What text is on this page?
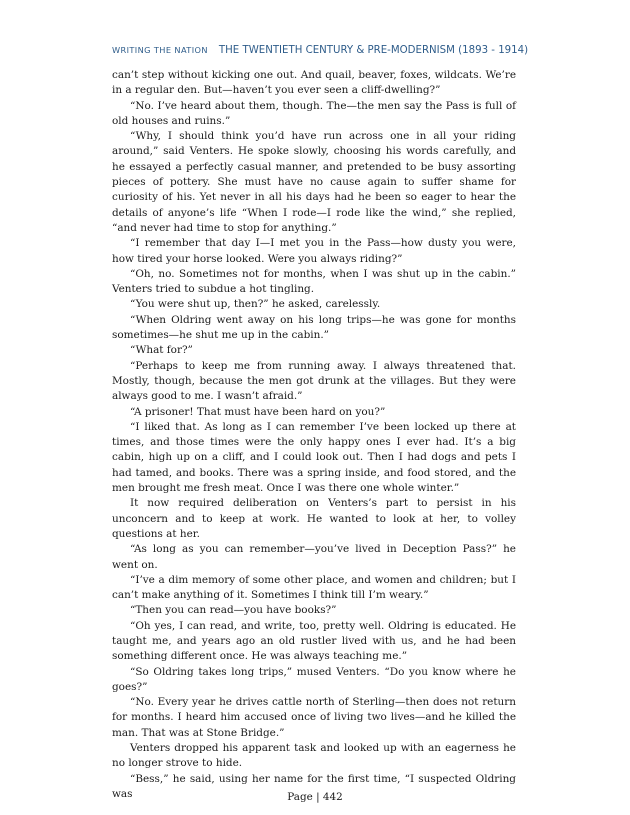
WRITING THE NATION THE TWENTIETH CENTURY & PRE-MODERNISM (1893 - 1914)

can’t step without kicking one out. And quail, beaver, foxes, wildcats. We’re in a regular den. But—haven’t you ever seen a cliff-dwelling?”

“No. I’ve heard about them, though. The—the men say the Pass is full of old houses and ruins.”

“Why, I should think you’d have run across one in all your riding around,” said Venters. He spoke slowly, choosing his words carefully, and he essayed a perfectly casual manner, and pretended to be busy assorting pieces of pottery. She must have no cause again to suffer shame for curiosity of his. Yet never in all his days had he been so eager to hear the details of anyone’s life “When I rode—I rode like the wind,” she replied, “and never had time to stop for anything.”

“I remember that day I—I met you in the Pass—how dusty you were, how tired your horse looked. Were you always riding?”

“Oh, no. Sometimes not for months, when I was shut up in the cabin.” Venters tried to subdue a hot tingling.

“You were shut up, then?” he asked, carelessly.

“When Oldring went away on his long trips—he was gone for months sometimes—he shut me up in the cabin.”

“What for?”

“Perhaps to keep me from running away. I always threatened that. Mostly, though, because the men got drunk at the villages. But they were always good to me. I wasn’t afraid.”

“A prisoner! That must have been hard on you?”

“I liked that. As long as I can remember I’ve been locked up there at times, and those times were the only happy ones I ever had. It’s a big cabin, high up on a cliff, and I could look out. Then I had dogs and pets I had tamed, and books. There was a spring inside, and food stored, and the men brought me fresh meat. Once I was there one whole winter.”

It now required deliberation on Venters’s part to persist in his unconcern and to keep at work. He wanted to look at her, to volley questions at her.

“As long as you can remember—you’ve lived in Deception Pass?” he went on.

“I’ve a dim memory of some other place, and women and children; but I can’t make anything of it. Sometimes I think till I’m weary.”

“Then you can read—you have books?”

“Oh yes, I can read, and write, too, pretty well. Oldring is educated. He taught me, and years ago an old rustler lived with us, and he had been something different once. He was always teaching me.”

“So Oldring takes long trips,” mused Venters. “Do you know where he goes?”

“No. Every year he drives cattle north of Sterling—then does not return for months. I heard him accused once of living two lives—and he killed the man. That was at Stone Bridge.”

Venters dropped his apparent task and looked up with an eagerness he no longer strove to hide.

“Bess,” he said, using her name for the first time, “I suspected Oldring was	Page | 442
